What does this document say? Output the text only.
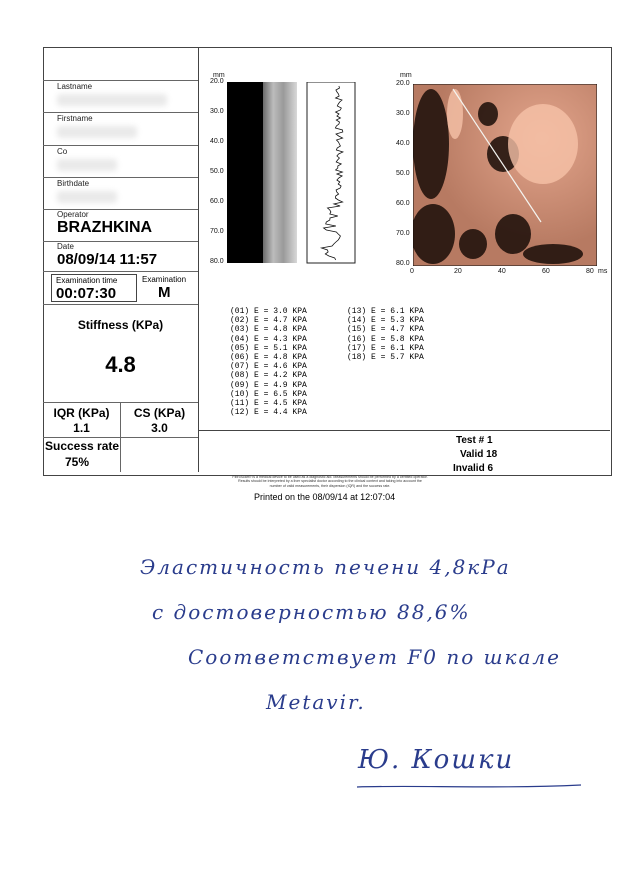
Lastname
Firstname
Co
Birthdate
Operator
BRAZHKINA
Date
08/09/14 11:57
Examination time
00:07:30
Examination
M
Stiffness (KPa)
4.8
IQR (KPa)
1.1
CS (KPa)
3.0
Success rate
75%
mm
20.0
30.0
40.0
50.0
60.0
70.0
80.0
mm
20.0
30.0
40.0
50.0
60.0
70.0
80.0
0	20	40	60	80 ms
(01) E = 3.0 KPA
(02) E = 4.7 KPA
(03) E = 4.8 KPA
(04) E = 4.3 KPA
(05) E = 5.1 KPA
(06) E = 4.8 KPA
(07) E = 4.6 KPA
(08) E = 4.2 KPA
(09) E = 4.9 KPA
(10) E = 6.5 KPA
(11) E = 4.5 KPA
(12) E = 4.4 KPA
(13) E = 6.1 KPA
(14) E = 5.3 KPA
(15) E = 4.7 KPA
(16) E = 5.8 KPA
(17) E = 6.1 KPA
(18) E = 5.7 KPA
Test # 1
Valid 18
Invalid 6
FibroScan® is a medical device to be used as a diagnostic aid. Measurements should be performed by a certified operator.
Results should be interpreted by a liver specialist doctor according to the clinical context and taking into account the
number of valid measurements, their dispersion (IQR) and the success rate.
Printed on the 08/09/14 at 12:07:04
Эластичность печени 4,8кРа
с достоверностью 88,6%
Соответствует F0 по шкале
Metavir.
Ю. Кошки
